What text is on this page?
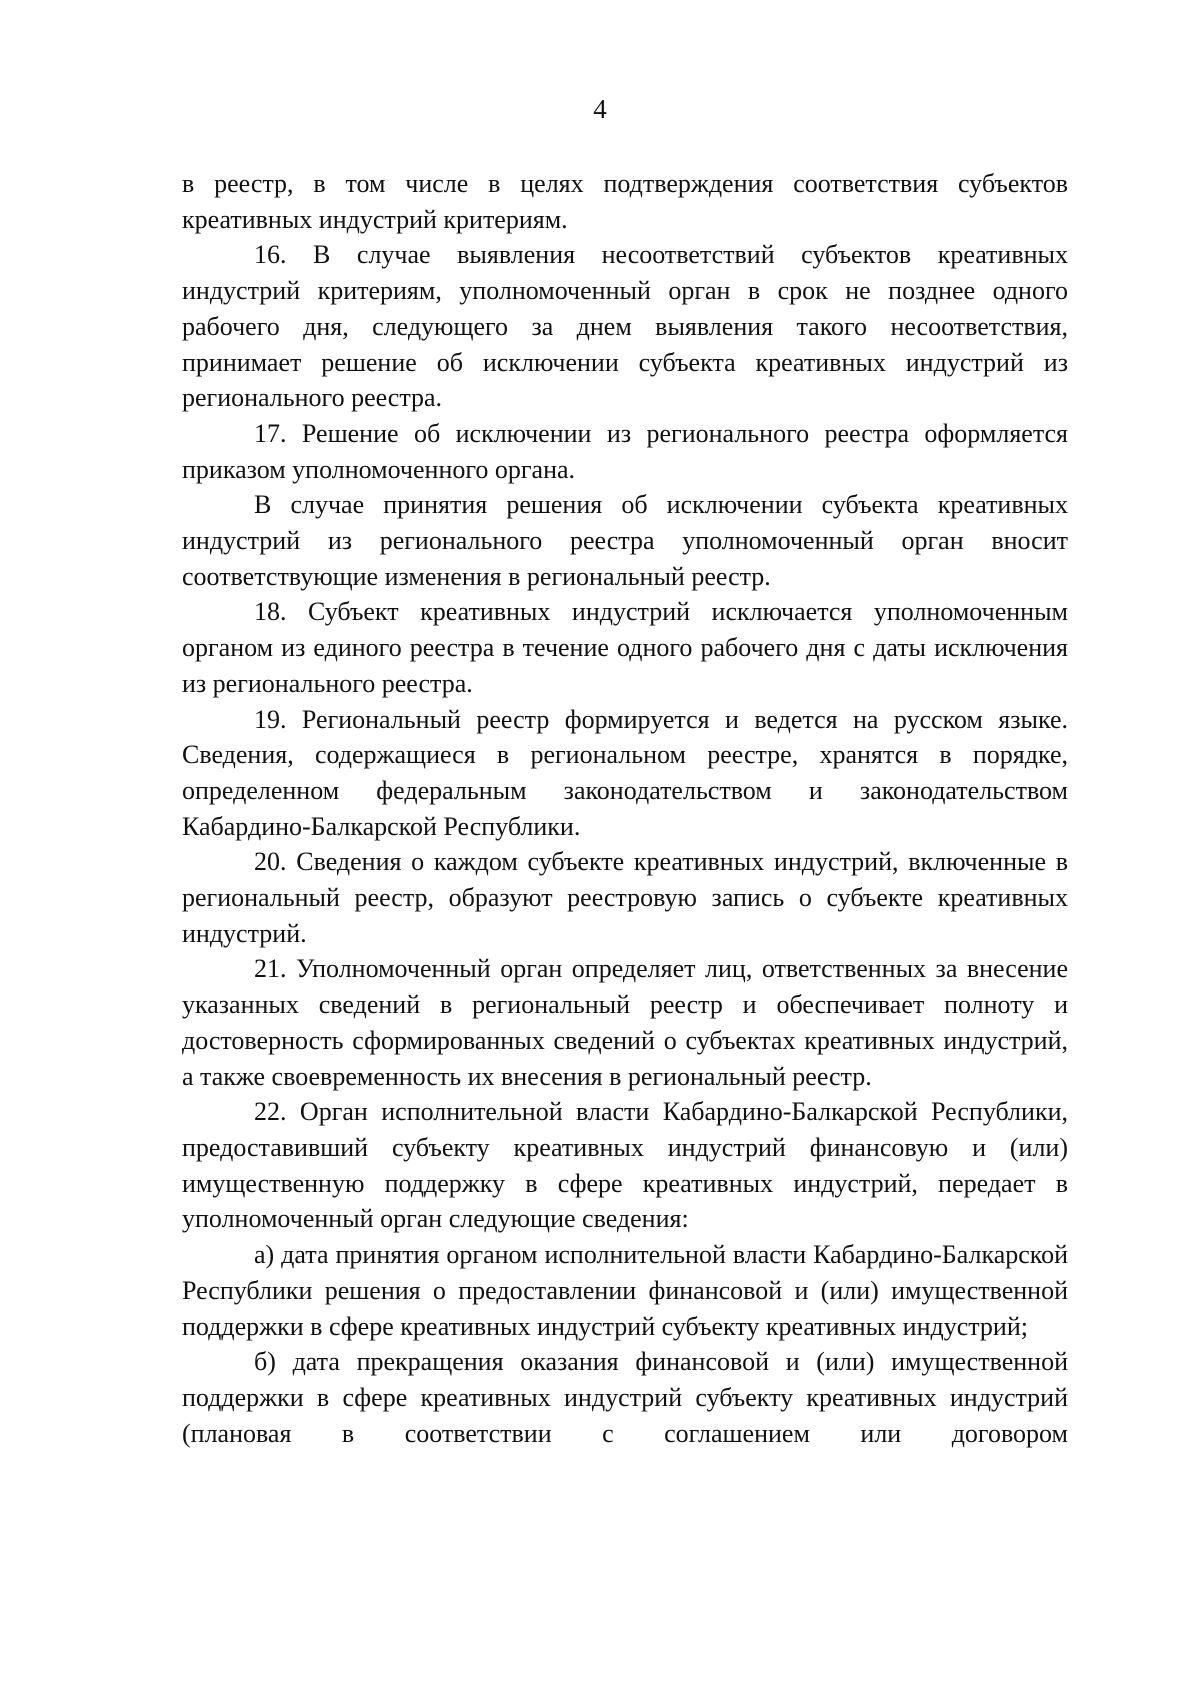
4

в реестр, в том числе в целях подтверждения соответствия субъектов креативных индустрий критериям.

16. В случае выявления несоответствий субъектов креативных индустрий критериям, уполномоченный орган в срок не позднее одного рабочего дня, следующего за днем выявления такого несоответствия, принимает решение об исключении субъекта креативных индустрий из регионального реестра.

17. Решение об исключении из регионального реестра оформляется приказом уполномоченного органа.

В случае принятия решения об исключении субъекта креативных индустрий из регионального реестра уполномоченный орган вносит соответствующие изменения в региональный реестр.

18. Субъект креативных индустрий исключается уполномоченным органом из единого реестра в течение одного рабочего дня с даты исключения из регионального реестра.

19. Региональный реестр формируется и ведется на русском языке. Сведения, содержащиеся в региональном реестре, хранятся в порядке, определенном федеральным законодательством и законодательством Кабардино-Балкарской Республики.

20. Сведения о каждом субъекте креативных индустрий, включенные в региональный реестр, образуют реестровую запись о субъекте креативных индустрий.

21. Уполномоченный орган определяет лиц, ответственных за внесение указанных сведений в региональный реестр и обеспечивает полноту и достоверность сформированных сведений о субъектах креативных индустрий, а также своевременность их внесения в региональный реестр.

22. Орган исполнительной власти Кабардино-Балкарской Республики, предоставивший субъекту креативных индустрий финансовую и (или) имущественную поддержку в сфере креативных индустрий, передает в уполномоченный орган следующие сведения:

а) дата принятия органом исполнительной власти Кабардино-Балкарской Республики решения о предоставлении финансовой и (или) имущественной поддержки в сфере креативных индустрий субъекту креативных индустрий;

б) дата прекращения оказания финансовой и (или) имущественной поддержки в сфере креативных индустрий субъекту креативных индустрий (плановая в соответствии с соглашением или договором
